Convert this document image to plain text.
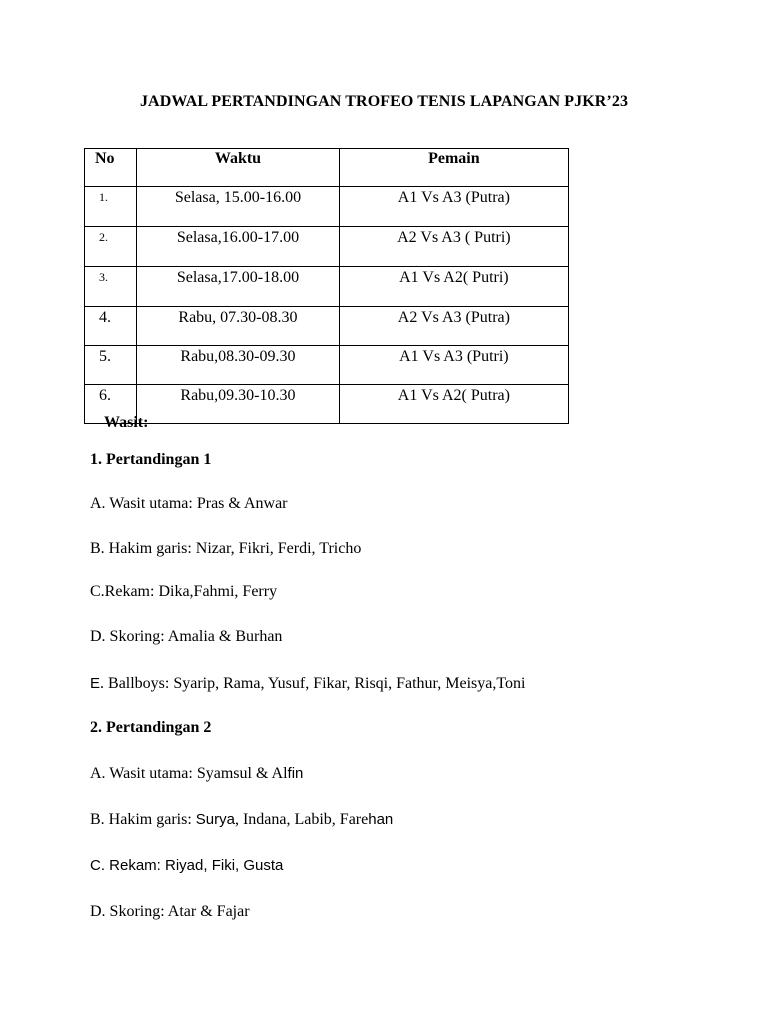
JADWAL PERTANDINGAN TROFEO TENIS LAPANGAN PJKR’23
No	Waktu	Pemain
1.	Selasa, 15.00-16.00	A1 Vs A3 (Putra)
2.	Selasa,16.00-17.00	A2 Vs A3 ( Putri)
3.	Selasa,17.00-18.00	A1 Vs A2( Putri)
4.	Rabu, 07.30-08.30	A2 Vs A3 (Putra)
5.	Rabu,08.30-09.30	A1 Vs A3 (Putri)
6.	Rabu,09.30-10.30	A1 Vs A2( Putra)
Wasit:
1. Pertandingan 1
A. Wasit utama: Pras & Anwar
B. Hakim garis: Nizar, Fikri, Ferdi, Tricho
C.Rekam: Dika,Fahmi, Ferry
D. Skoring: Amalia & Burhan
E. Ballboys: Syarip, Rama, Yusuf, Fikar, Risqi, Fathur, Meisya,Toni
2. Pertandingan 2
A. Wasit utama: Syamsul & Alfin
B. Hakim garis: Surya, Indana, Labib, Farehan
C. Rekam: Riyad, Fiki, Gusta
D. Skoring: Atar & Fajar
